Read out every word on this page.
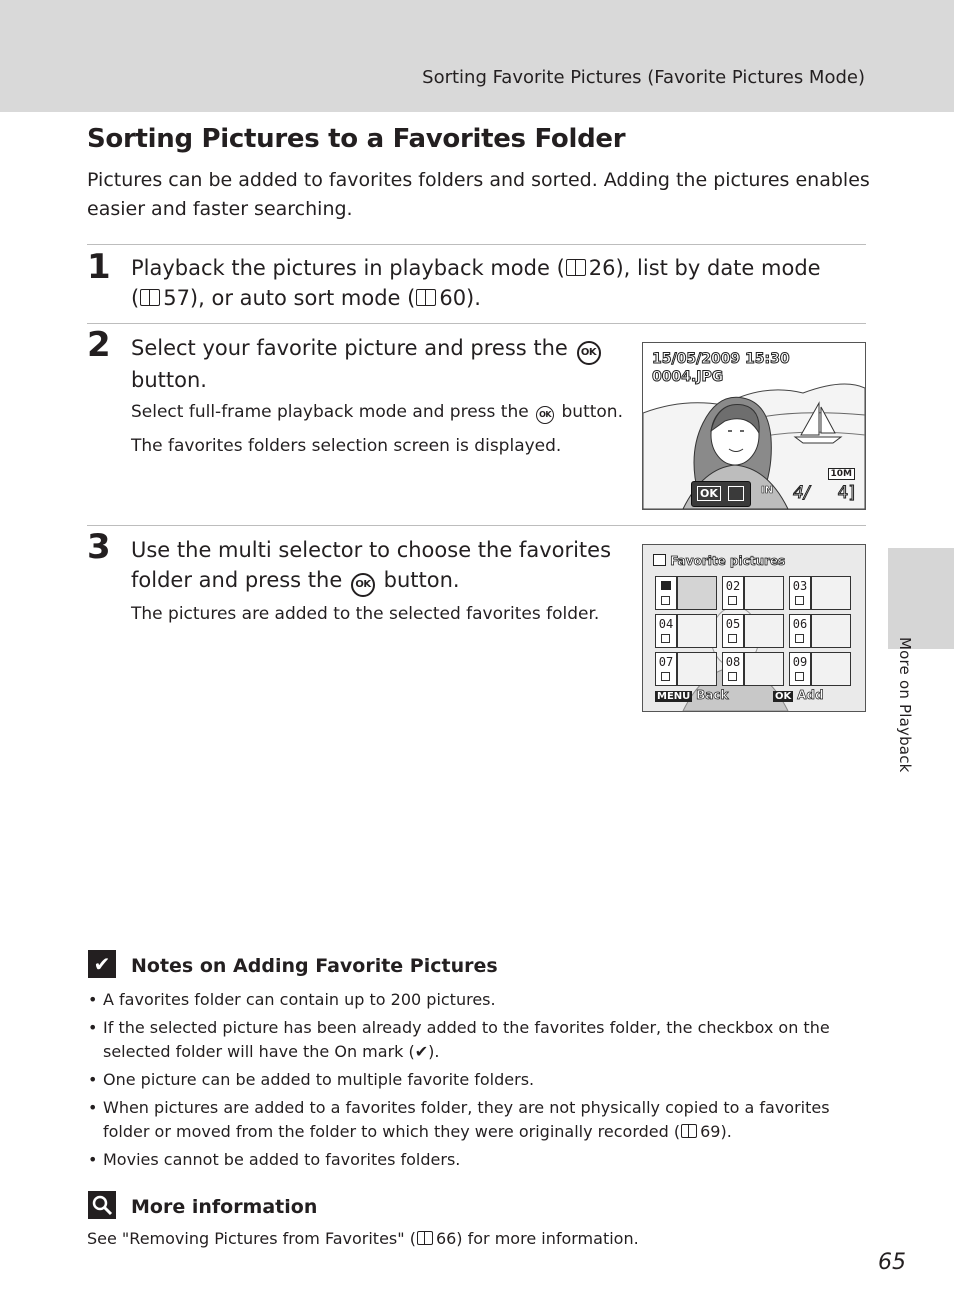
Sorting Favorite Pictures (Favorite Pictures Mode)
More on Playback
Sorting Pictures to a Favorites Folder

Pictures can be added to favorites folders and sorted. Adding the pictures enables easier and faster searching.

1 Playback the pictures in playback mode ( 26), list by date mode
( 57), or auto sort mode ( 60).

2 Select your favorite picture and press the OK
button.

Select full-frame playback mode and press the OK button.

The favorites folders selection screen is displayed.

15/05/2009 15:30
0004.JPG
10M
OK	IN 4/ 4]
3 Use the multi selector to choose the favorites
folder and press the OK button.

The pictures are added to the selected favorites folder.

Favorite pictures
02	03
04	05	06
07	08	09
MENU Back	OK Add
✔ Notes on Adding Favorite Pictures
• A favorites folder can contain up to 200 pictures.
• If the selected picture has been already added to the favorites folder, the checkbox on the selected folder will have the On mark (✔).
• One picture can be added to multiple favorite folders.
• When pictures are added to a favorites folder, they are not physically copied to a favorites folder or moved from the folder to which they were originally recorded ( 69).
• Movies cannot be added to favorites folders.
More information
See "Removing Pictures from Favorites" ( 66) for more information.
65
